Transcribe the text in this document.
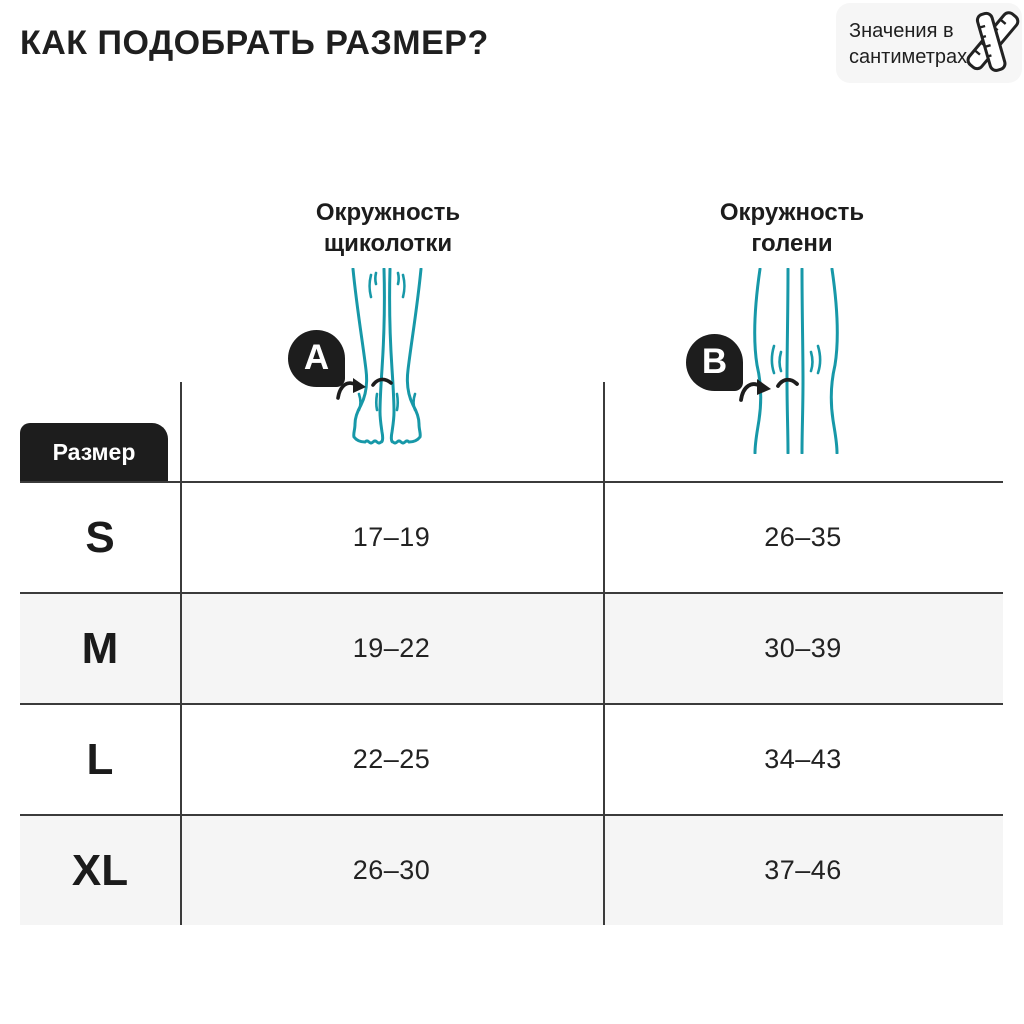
КАК ПОДОБРАТЬ РАЗМЕР?	Значения в сантиметрах
Окружность щиколотки
Окружность голени
A	B
Размер
S	17–19	26–35
M	19–22	30–39
L	22–25	34–43
XL	26–30	37–46
